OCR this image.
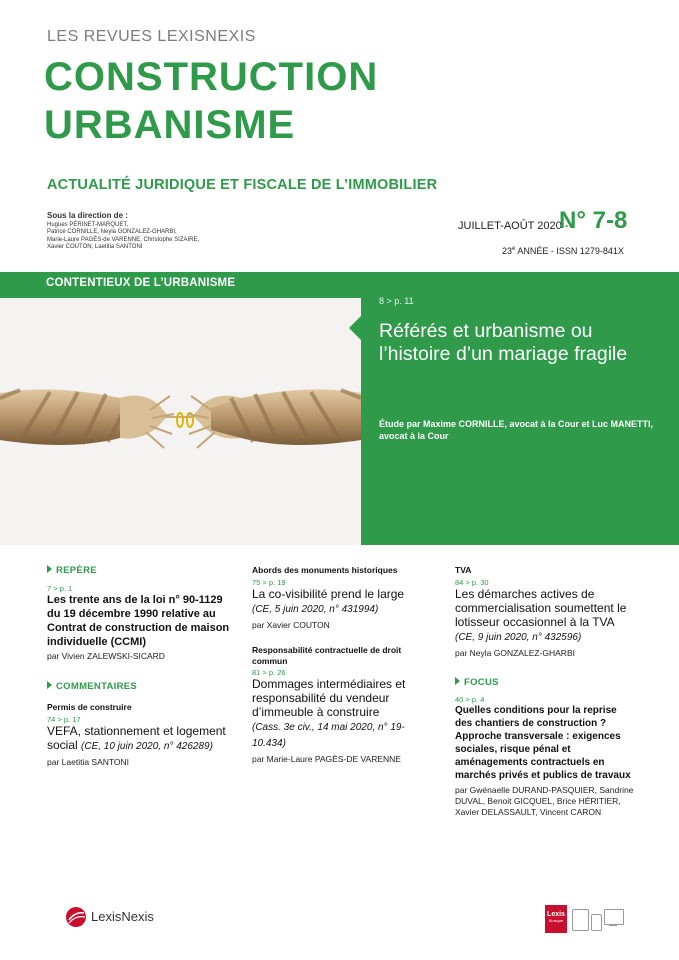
LES REVUES LEXISNEXIS
CONSTRUCTION
URBANISME
ACTUALITÉ JURIDIQUE ET FISCALE DE L’IMMOBILIER
Sous la direction de :
Hugues PÉRINET-MARQUET,
Patrice CORNILLE, Neyla GONZALEZ-GHARBI,
Marie-Laure PAGÈS-de VARENNE, Christophe SIZAIRE,
Xavier COUTON, Laetitia SANTONI
JUILLET-AOÛT 2020 -
N° 7-8
23e ANNÉE - ISSN 1279-841X
CONTENTIEUX DE L’URBANISME
8 > p. 11
Référés et urbanisme ou l’histoire d’un mariage fragile
Étude par Maxime CORNILLE, avocat à la Cour et Luc MANETTI, avocat à la Cour
REPÈRE
7 > p. 1
Les trente ans de la loi n° 90-1129 du 19 décembre 1990 relative au Contrat de construction de maison individuelle (CCMI)
par Vivien ZALEWSKI-SICARD
COMMENTAIRES
Permis de construire
74 > p. 17
VEFA, stationnement et logement social (CE, 10 juin 2020, n° 426289)
par Laetitia SANTONI
Abords des monuments historiques
75 > p. 19
La co-visibilité prend le large
(CE, 5 juin 2020, n° 431994)
par Xavier COUTON
Responsabilité contractuelle de droit commun
81 > p. 26
Dommages intermédiaires et responsabilité du vendeur d’immeuble à construire
(Cass. 3e civ., 14 mai 2020, n° 19-10.434)
par Marie-Laure PAGÈS-DE VARENNE
TVA
84 > p. 30
Les démarches actives de commercialisation soumettent le lotisseur occasionnel à la TVA (CE, 9 juin 2020, n° 432596)
par Neyla GONZALEZ-GHARBI
FOCUS
40 > p. 4
Quelles conditions pour la reprise des chantiers de construction ? Approche transversale : exigences sociales, risque pénal et aménagements contractuels en marchés privés et publics de travaux
par Gwénaelle DURAND-PASQUIER, Sandrine DUVAL, Benoit GICQUEL, Brice HÉRITIER, Xavier DELASSAULT, Vincent CARON
LexisNexis	Lexis
Kiosque
